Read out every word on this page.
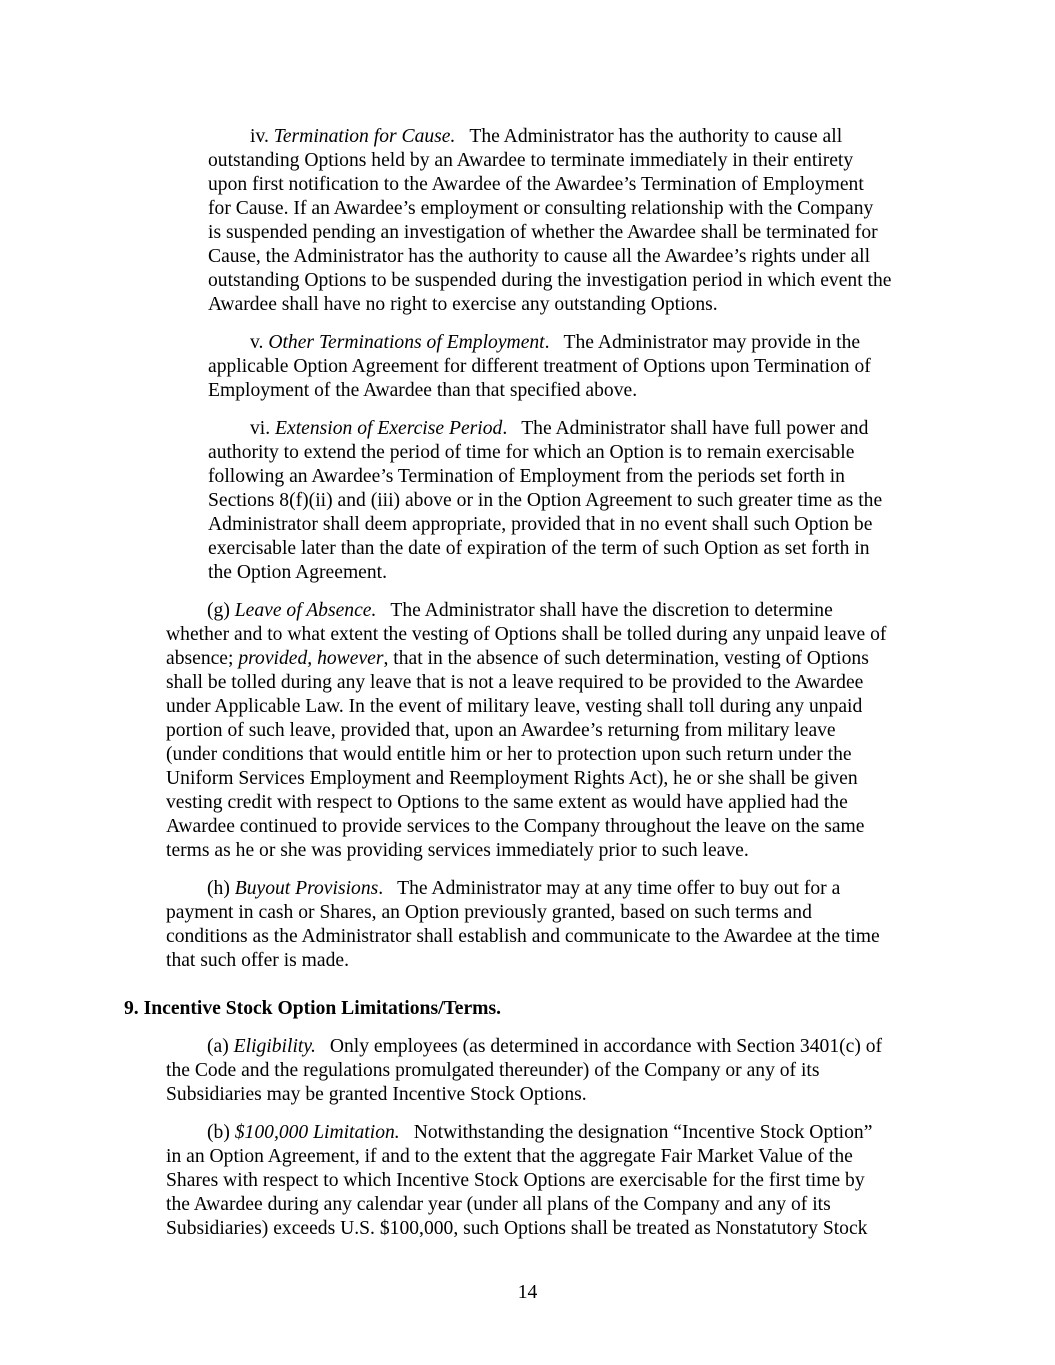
iv. Termination for Cause. The Administrator has the authority to cause all
outstanding Options held by an Awardee to terminate immediately in their entirety
upon first notification to the Awardee of the Awardee’s Termination of Employment
for Cause. If an Awardee’s employment or consulting relationship with the Company
is suspended pending an investigation of whether the Awardee shall be terminated for
Cause, the Administrator has the authority to cause all the Awardee’s rights under all
outstanding Options to be suspended during the investigation period in which event the
Awardee shall have no right to exercise any outstanding Options.
v. Other Terminations of Employment. The Administrator may provide in the
applicable Option Agreement for different treatment of Options upon Termination of
Employment of the Awardee than that specified above.
vi. Extension of Exercise Period. The Administrator shall have full power and
authority to extend the period of time for which an Option is to remain exercisable
following an Awardee’s Termination of Employment from the periods set forth in
Sections 8(f)(ii) and (iii) above or in the Option Agreement to such greater time as the
Administrator shall deem appropriate, provided that in no event shall such Option be
exercisable later than the date of expiration of the term of such Option as set forth in
the Option Agreement.
(g) Leave of Absence. The Administrator shall have the discretion to determine
whether and to what extent the vesting of Options shall be tolled during any unpaid leave of
absence; provided, however, that in the absence of such determination, vesting of Options
shall be tolled during any leave that is not a leave required to be provided to the Awardee
under Applicable Law. In the event of military leave, vesting shall toll during any unpaid
portion of such leave, provided that, upon an Awardee’s returning from military leave
(under conditions that would entitle him or her to protection upon such return under the
Uniform Services Employment and Reemployment Rights Act), he or she shall be given
vesting credit with respect to Options to the same extent as would have applied had the
Awardee continued to provide services to the Company throughout the leave on the same
terms as he or she was providing services immediately prior to such leave.
(h) Buyout Provisions. The Administrator may at any time offer to buy out for a
payment in cash or Shares, an Option previously granted, based on such terms and
conditions as the Administrator shall establish and communicate to the Awardee at the time
that such offer is made.
9. Incentive Stock Option Limitations/Terms.
(a) Eligibility. Only employees (as determined in accordance with Section 3401(c) of
the Code and the regulations promulgated thereunder) of the Company or any of its
Subsidiaries may be granted Incentive Stock Options.
(b) $100,000 Limitation. Notwithstanding the designation “Incentive Stock Option”
in an Option Agreement, if and to the extent that the aggregate Fair Market Value of the
Shares with respect to which Incentive Stock Options are exercisable for the first time by
the Awardee during any calendar year (under all plans of the Company and any of its
Subsidiaries) exceeds U.S. $100,000, such Options shall be treated as Nonstatutory Stock
14
